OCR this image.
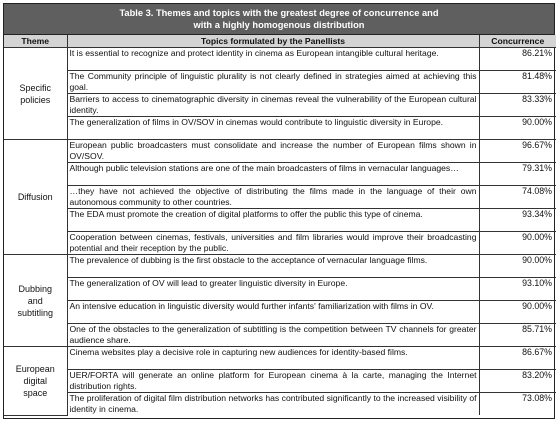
Table 3. Themes and topics with the greatest degree of concurrence and
with a highly homogenous distribution
Theme	Topics formulated by the Panellists	Concurrence

Specific
policies	It is essential to recognize and protect identity in cinema as European intangible cultural heritage.	86.21%
	The Community principle of linguistic plurality is not clearly defined in strategies aimed at achieving this goal.	81.48%
	Barriers to access to cinematographic diversity in cinemas reveal the vulnerability of the European cultural identity.	83.33%
	The generalization of films in OV/SOV in cinemas would contribute to linguistic diversity in Europe.	90.00%

Diffusion	European public broadcasters must consolidate and increase the number of European films shown in OV/SOV.	96.67%
	Although public television stations are one of the main broadcasters of films in vernacular languages…	79.31%
	…they have not achieved the objective of distributing the films made in the language of their own autonomous community to other countries.	74.08%
	The EDA must promote the creation of digital platforms to offer the public this type of cinema.	93.34%
	Cooperation between cinemas, festivals, universities and film libraries would improve their broadcasting potential and their reception by the public.	90.00%

Dubbing
and
subtitling	The prevalence of dubbing is the first obstacle to the acceptance of vernacular language films.	90.00%
	The generalization of OV will lead to greater linguistic diversity in Europe.	93.10%
	An intensive education in linguistic diversity would further infants' familiarization with films in OV.	90.00%
	One of the obstacles to the generalization of subtitling is the competition between TV channels for greater audience share.	85.71%

European
digital
space	Cinema websites play a decisive role in capturing new audiences for identity-based films.	86.67%
	UER/FORTA will generate an online platform for European cinema à la carte, managing the Internet distribution rights.	83.20%
	The proliferation of digital film distribution networks has contributed significantly to the increased visibility of identity in cinema.	73.08%
